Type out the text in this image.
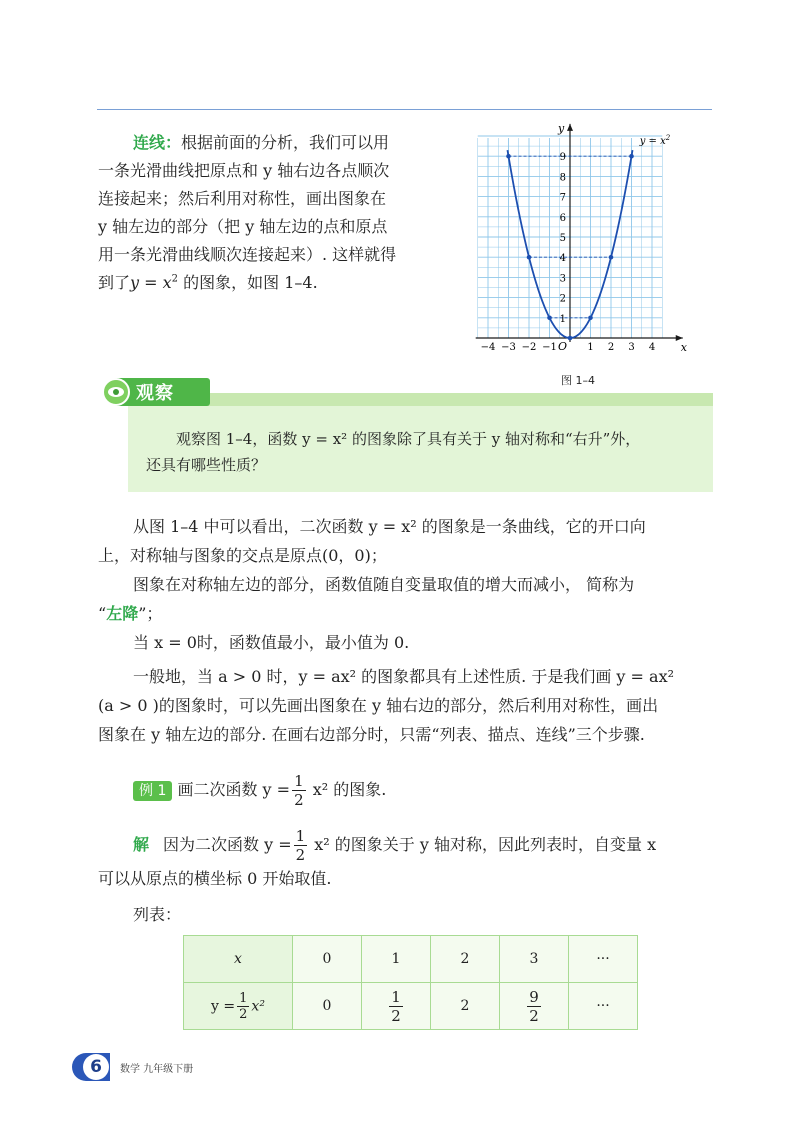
连线：根据前面的分析，我们可以用
一条光滑曲线把原点和 y 轴右边各点顺次
连接起来；然后利用对称性，画出图象在
y 轴左边的部分（把 y 轴左边的点和原点
用一条光滑曲线顺次连接起来）. 这样就得
到了$y = x^2$ 的图象，如图 1–4.
−4 −3 −2 −1	1 2 3 4
1
2
3
4
5
6
7
8
9
O	x
y
$y = x^2$
图 1–4
观察
观察图 1–4，函数 y = x² 的图象除了具有关于 y 轴对称和“右升”外，
还具有哪些性质？
从图 1–4 中可以看出，二次函数 y = x² 的图象是一条曲线，它的开口向
上，对称轴与图象的交点是原点(0，0)；
图象在对称轴左边的部分，函数值随自变量取值的增大而减小， 简称为
“左降”；
当 x = 0时，函数值最小，最小值为 0.
一般地，当 a > 0 时，y = ax² 的图象都具有上述性质. 于是我们画 y = ax²
(a > 0 )的图象时，可以先画出图象在 y 轴右边的部分，然后利用对称性，画出
图象在 y 轴左边的部分. 在画右边部分时，只需“列表、描点、连线”三个步骤.
例 1 画二次函数 $y = \frac{1}{2} x^2$ 的图象.
解 因为二次函数 $y = \frac{1}{2} x^2$ 的图象关于 y 轴对称，因此列表时，自变量 x
可以从原点的横坐标 0 开始取值.
列表：
x	0	1	2	3	···
$y = \frac{1}{2} x^2$	0	$\frac{1}{2}$	2	$\frac{9}{2}$	···
6	数学 九年级下册
